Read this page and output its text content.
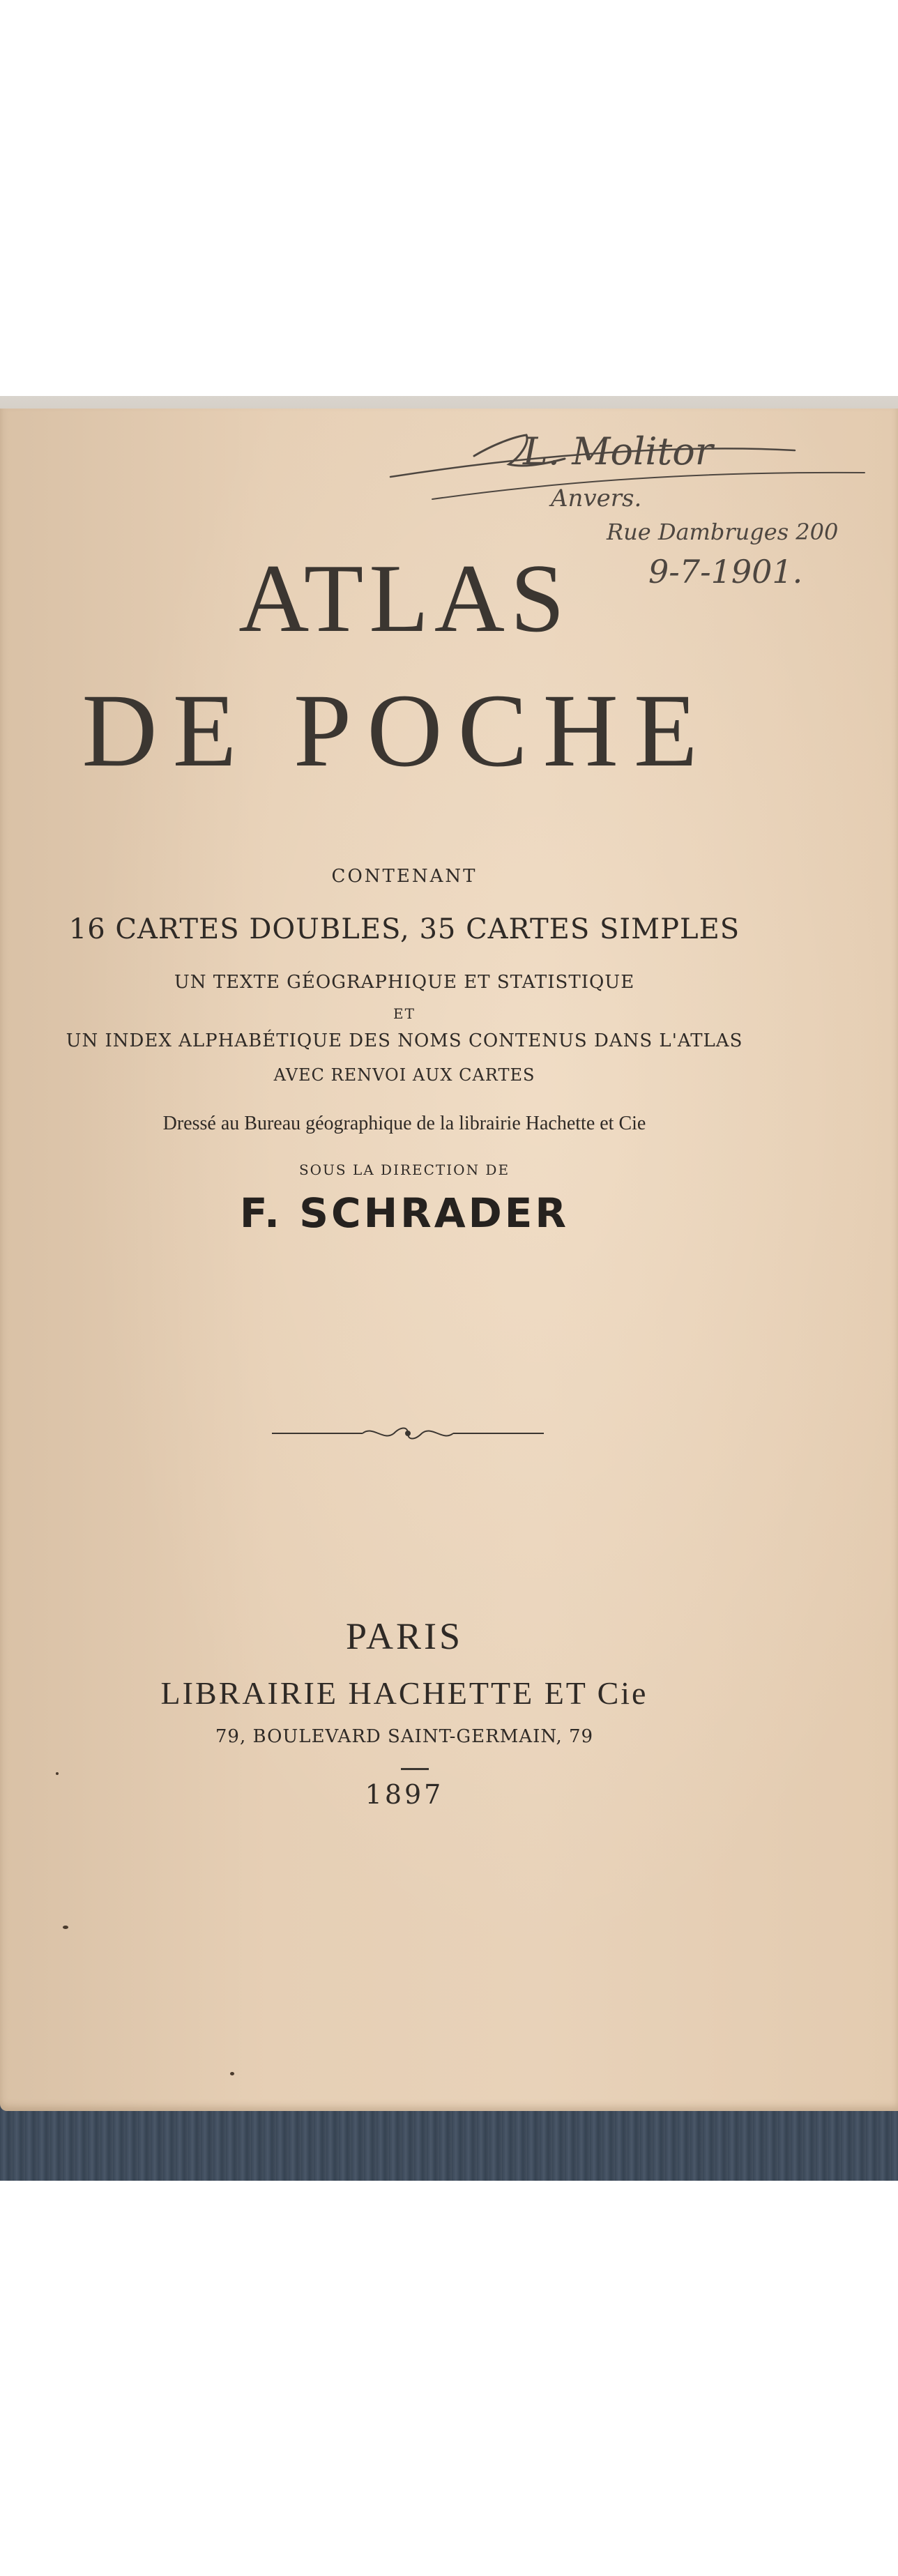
L. Molitor
Anvers.
Rue Dambruges 200
9-7-1901.
ATLAS
DE POCHE
CONTENANT
16 CARTES DOUBLES, 35 CARTES SIMPLES
UN TEXTE GÉOGRAPHIQUE ET STATISTIQUE
ET
UN INDEX ALPHABÉTIQUE DES NOMS CONTENUS DANS L'ATLAS
AVEC RENVOI AUX CARTES
Dressé au Bureau géographique de la librairie Hachette et Cie
SOUS LA DIRECTION DE
F. SCHRADER
PARIS
LIBRAIRIE HACHETTE ET Cie
79, BOULEVARD SAINT-GERMAIN, 79
1897
